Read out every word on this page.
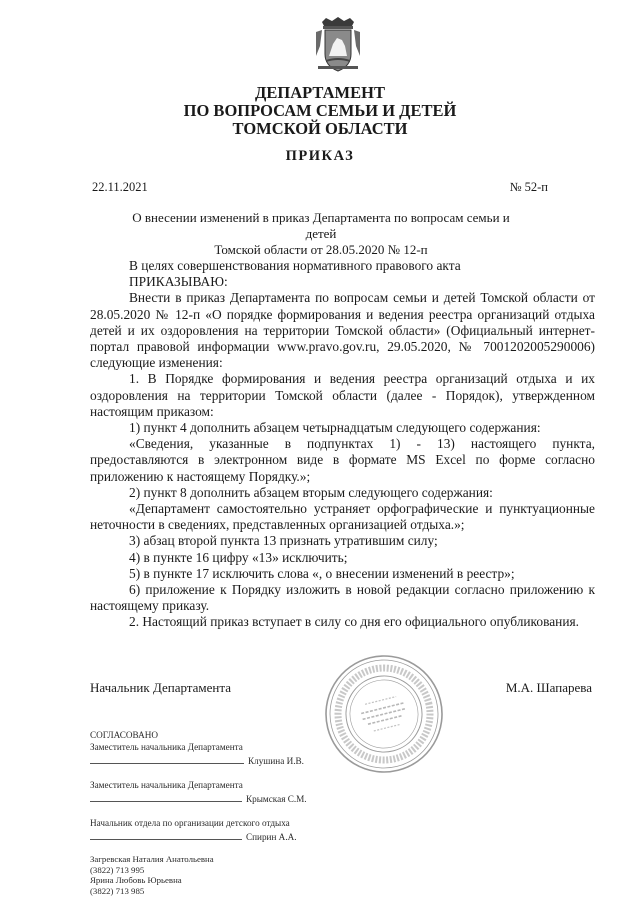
ДЕПАРТАМЕНТ
ПО ВОПРОСАМ СЕМЬИ И ДЕТЕЙ
ТОМСКОЙ ОБЛАСТИ
ПРИКАЗ
22.11.2021	№ 52-п
О внесении изменений в приказ Департамента по вопросам семьи и детей
Томской области от 28.05.2020 № 12-п

В целях совершенствования нормативного правового акта

ПРИКАЗЫВАЮ:

Внести в приказ Департамента по вопросам семьи и детей Томской области от 28.05.2020 № 12-п «О порядке формирования и ведения реестра организаций отдыха детей и их оздоровления на территории Томской области» (Официальный интернет-портал правовой информации www.pravo.gov.ru, 29.05.2020, № 7001202005290006) следующие изменения:

1. В Порядке формирования и ведения реестра организаций отдыха и их оздоровления на территории Томской области (далее - Порядок), утвержденном настоящим приказом:

1) пункт 4 дополнить абзацем четырнадцатым следующего содержания:

«Сведения, указанные в подпунктах 1) - 13) настоящего пункта, предоставляются в электронном виде в формате MS Excel по форме согласно приложению к настоящему Порядку.»;

2) пункт 8 дополнить абзацем вторым следующего содержания:

«Департамент самостоятельно устраняет орфографические и пунктуационные неточности в сведениях, представленных организацией отдыха.»;

3) абзац второй пункта 13 признать утратившим силу;

4) в пункте 16 цифру «13» исключить;

5) в пункте 17 исключить слова «, о внесении изменений в реестр»;

6) приложение к Порядку изложить в новой редакции согласно приложению к настоящему приказу.

2. Настоящий приказ вступает в силу со дня его официального опубликования.

Начальник Департамента	М.А. Шапарева
СОГЛАСОВАНО
Заместитель начальника Департамента
Клушина И.В.
Заместитель начальника Департамента
Крымская С.М.
Начальник отдела по организации детского отдыха
Спирин А.А.
Загревская Наталия Анатольевна
(3822) 713 995
Ярина Любовь Юрьевна
(3822) 713 985
